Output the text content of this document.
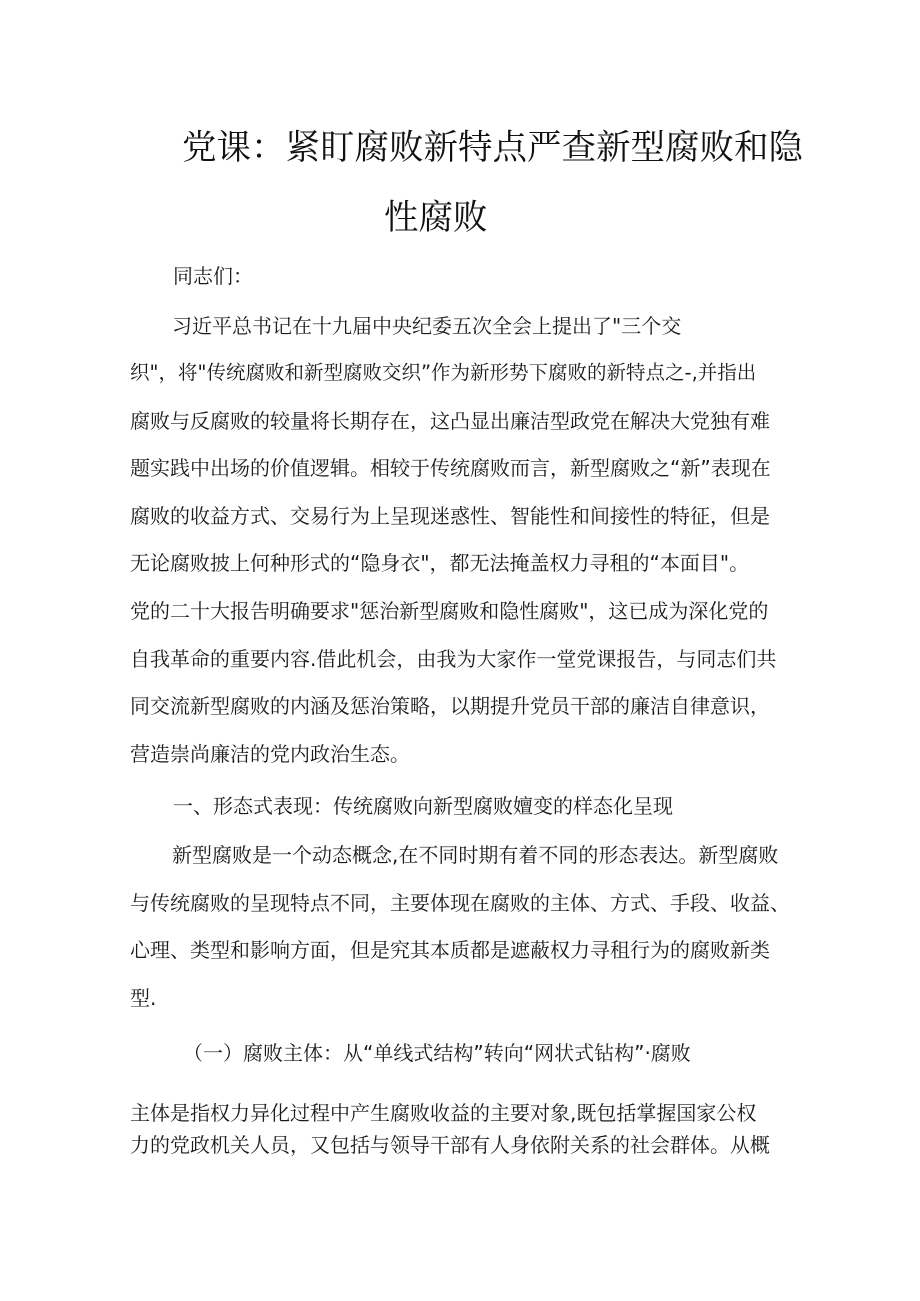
党课：紧盯腐败新特点严查新型腐败和隐
性腐败
同志们：
习近平总书记在十九届中央纪委五次全会上提出了"三个交
织"，将"传统腐败和新型腐败交织”作为新形势下腐败的新特点之-,并指出
腐败与反腐败的较量将长期存在，这凸显出廉洁型政党在解决大党独有难
题实践中出场的价值逻辑。相较于传统腐败而言，新型腐败之“新”表现在
腐败的收益方式、交易行为上呈现迷惑性、智能性和间接性的特征，但是
无论腐败披上何种形式的“隐身衣"，都无法掩盖权力寻租的“本面目"。
党的二十大报告明确要求"惩治新型腐败和隐性腐败"，这已成为深化党的
自我革命的重要内容.借此机会，由我为大家作一堂党课报告，与同志们共
同交流新型腐败的内涵及惩治策略，以期提升党员干部的廉洁自律意识，
营造崇尚廉洁的党内政治生态。
一、形态式表现：传统腐败向新型腐败嬗变的样态化呈现
新型腐败是一个动态概念,在不同时期有着不同的形态表达。新型腐败
与传统腐败的呈现特点不同，主要体现在腐败的主体、方式、手段、收益、
心理、类型和影响方面，但是究其本质都是遮蔽权力寻租行为的腐败新类
型.
（一）腐败主体：从“单线式结构”转向“网状式钻构”·腐败
主体是指权力异化过程中产生腐败收益的主要对象,既包括掌握国家公权
力的党政机关人员，又包括与领导干部有人身依附关系的社会群体。从概
